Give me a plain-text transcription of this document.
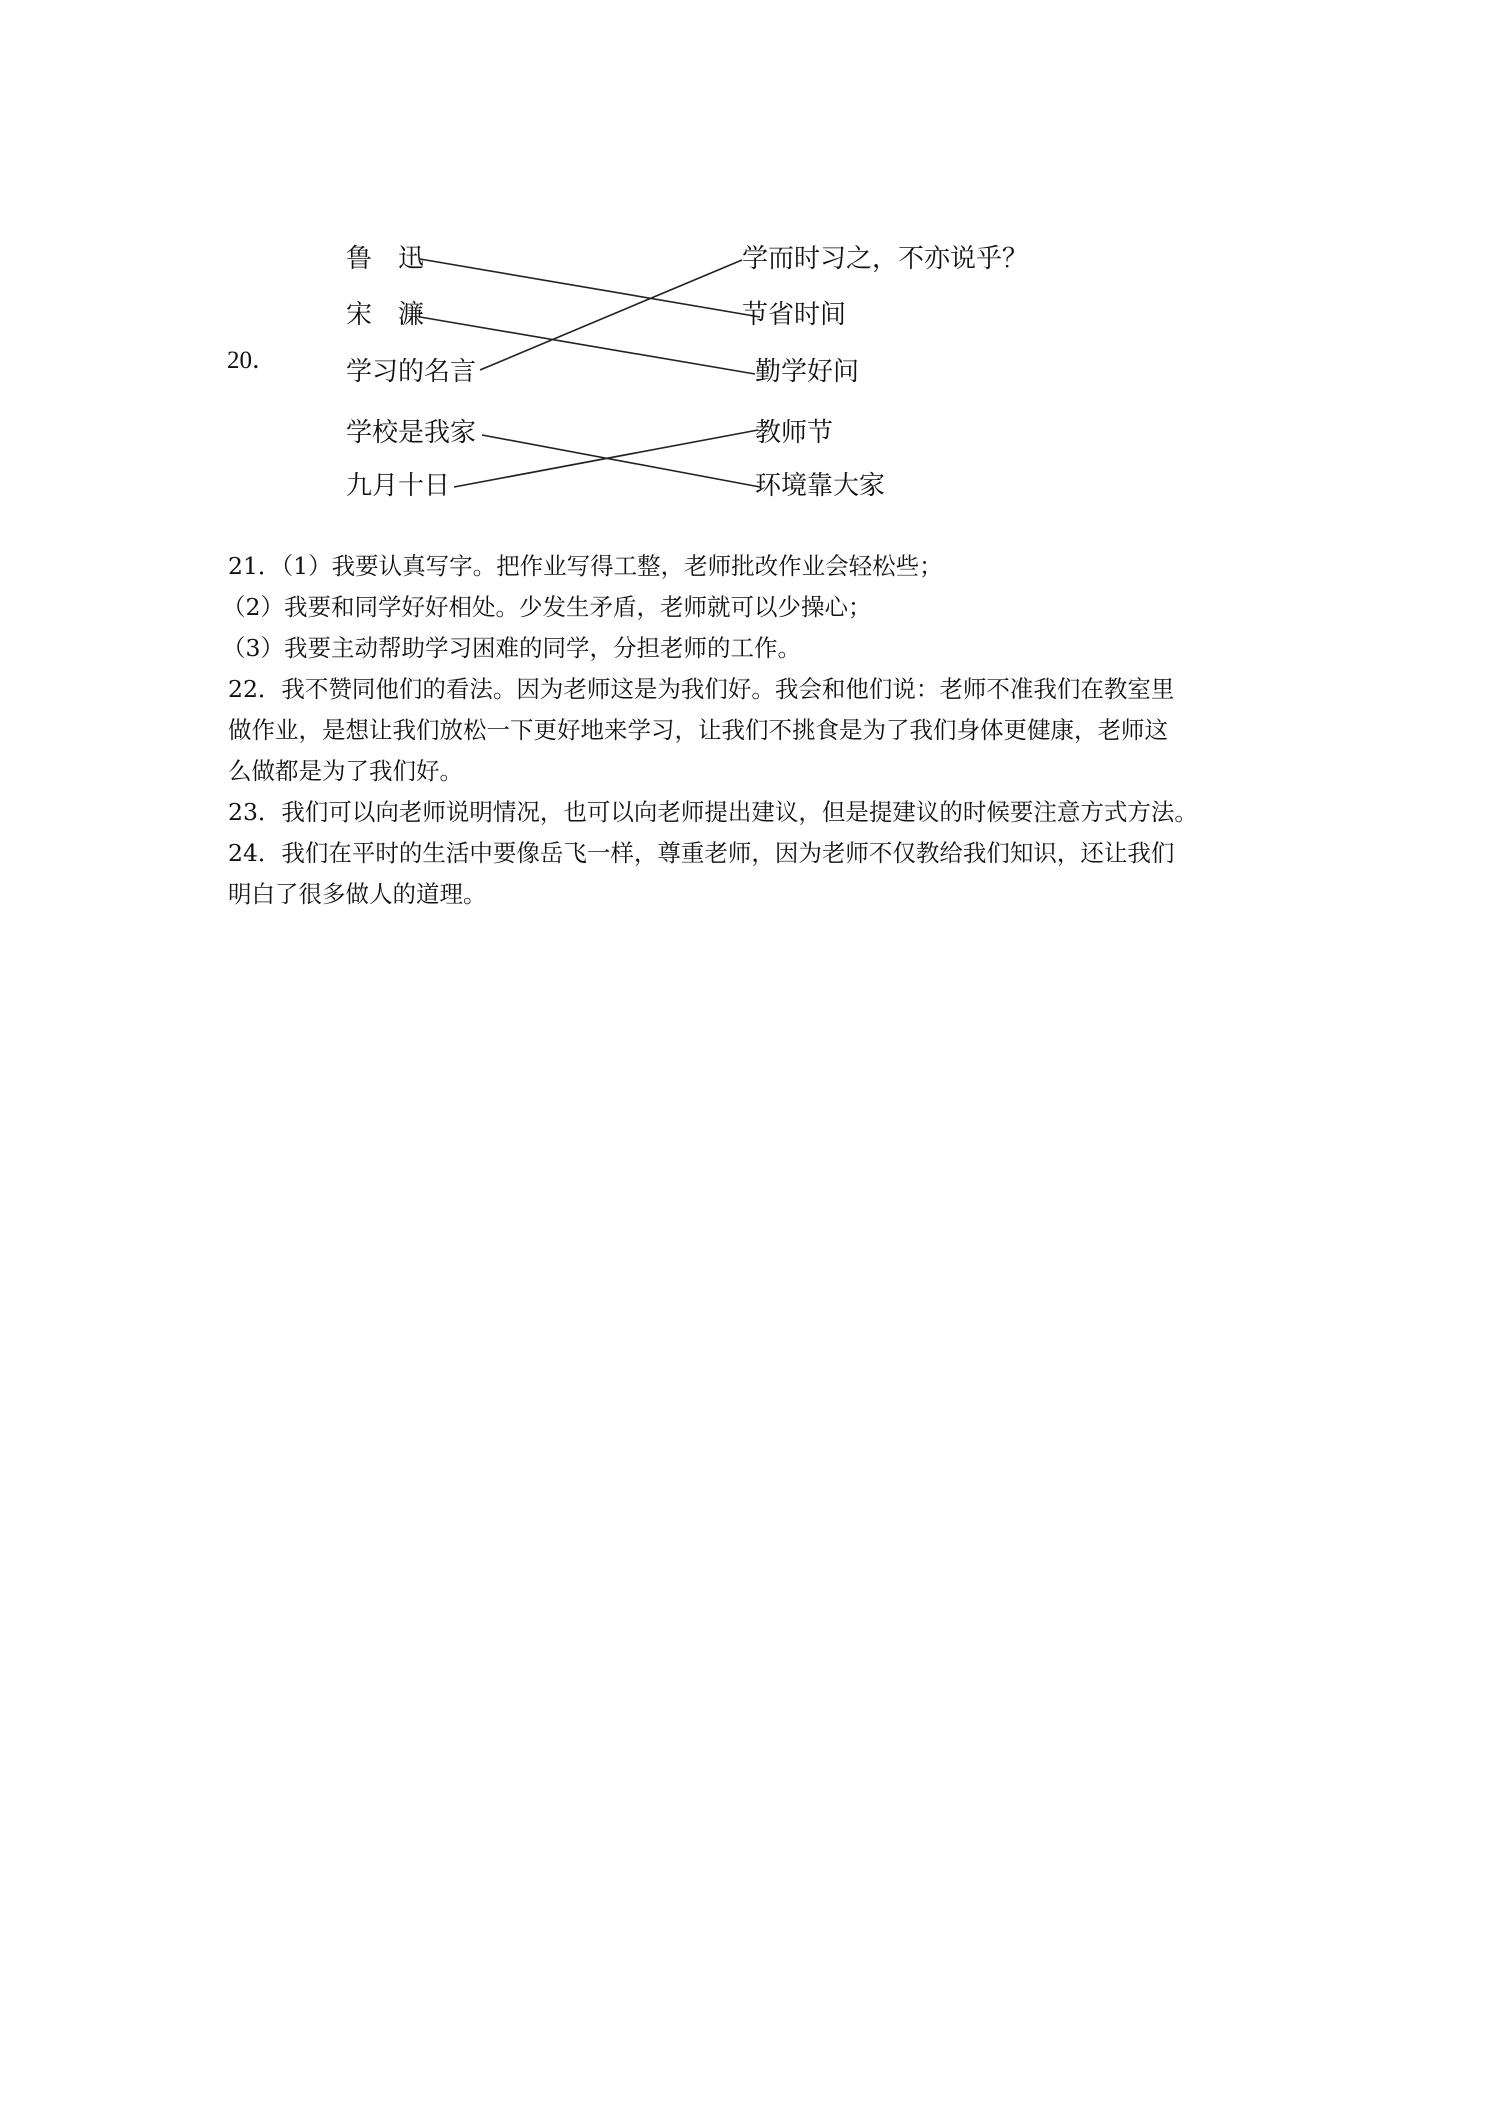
20．
鲁　迅
宋　濂
学习的名言
学校是我家
九月十日
学而时习之，不亦说乎？
节省时间
勤学好问
教师节
环境靠大家

21．（1）我要认真写字。把作业写得工整，老师批改作业会轻松些；

（2）我要和同学好好相处。少发生矛盾，老师就可以少操心；

（3）我要主动帮助学习困难的同学，分担老师的工作。

22．我不赞同他们的看法。因为老师这是为我们好。我会和他们说：老师不准我们在教室里

做作业，是想让我们放松一下更好地来学习，让我们不挑食是为了我们身体更健康，老师这

么做都是为了我们好。

23．我们可以向老师说明情况，也可以向老师提出建议，但是提建议的时候要注意方式方法。

24．我们在平时的生活中要像岳飞一样，尊重老师，因为老师不仅教给我们知识，还让我们

明白了很多做人的道理。
